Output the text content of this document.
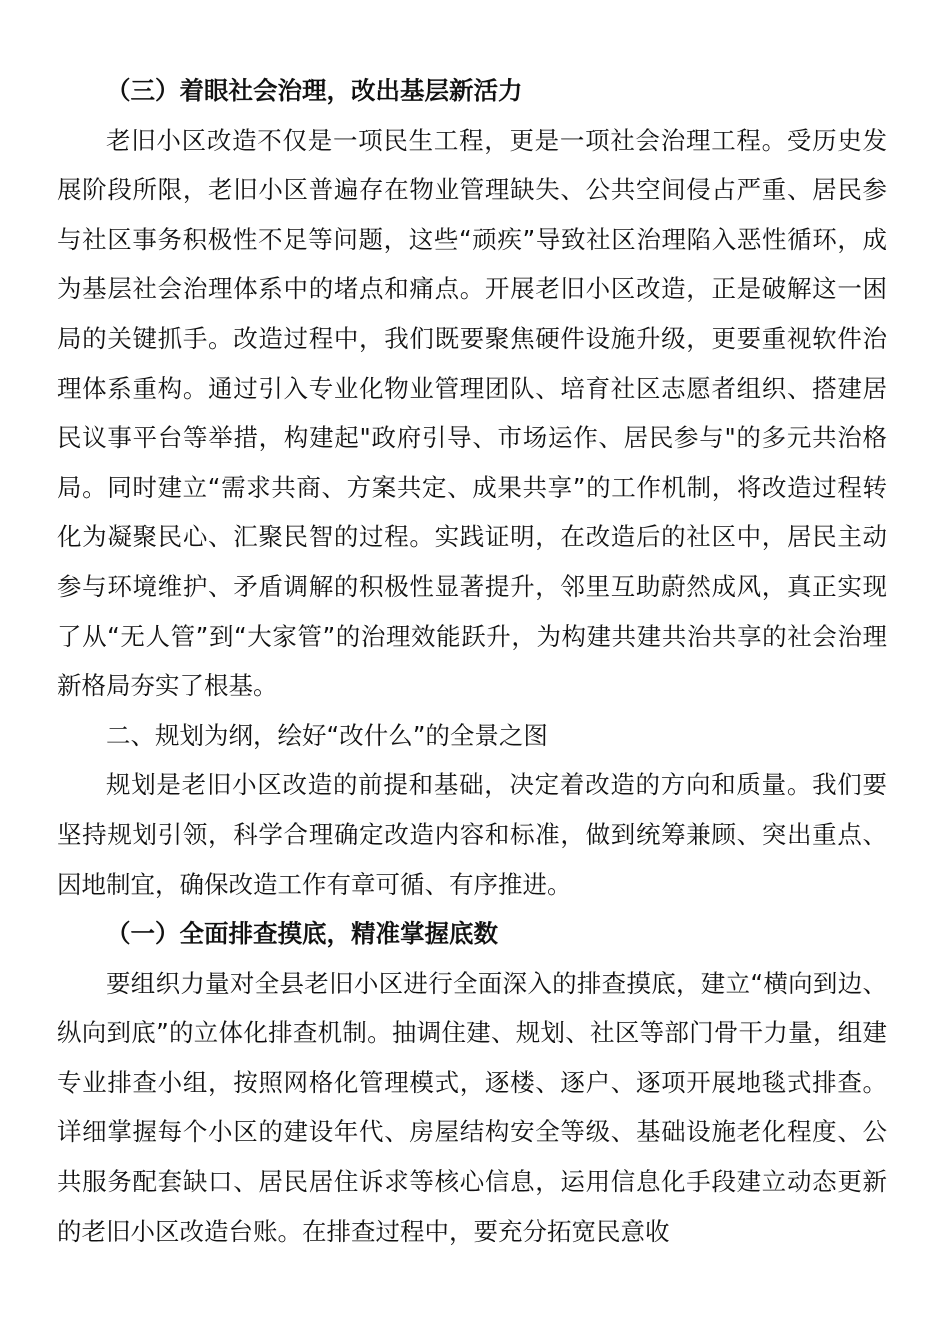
（三）着眼社会治理，改出基层新活力

老旧小区改造不仅是一项民生工程，更是一项社会治理工程。受历史发展阶段所限，老旧小区普遍存在物业管理缺失、公共空间侵占严重、居民参与社区事务积极性不足等问题，这些“顽疾”导致社区治理陷入恶性循环，成为基层社会治理体系中的堵点和痛点。开展老旧小区改造，正是破解这一困局的关键抓手。改造过程中，我们既要聚焦硬件设施升级，更要重视软件治理体系重构。通过引入专业化物业管理团队、培育社区志愿者组织、搭建居民议事平台等举措，构建起"政府引导、市场运作、居民参与"的多元共治格局。同时建立“需求共商、方案共定、成果共享”的工作机制，将改造过程转化为凝聚民心、汇聚民智的过程。实践证明，在改造后的社区中，居民主动参与环境维护、矛盾调解的积极性显著提升，邻里互助蔚然成风，真正实现了从“无人管”到“大家管”的治理效能跃升，为构建共建共治共享的社会治理新格局夯实了根基。

二、规划为纲，绘好“改什么”的全景之图

规划是老旧小区改造的前提和基础，决定着改造的方向和质量。我们要坚持规划引领，科学合理确定改造内容和标准，做到统筹兼顾、突出重点、因地制宜，确保改造工作有章可循、有序推进。

（一）全面排查摸底，精准掌握底数

要组织力量对全县老旧小区进行全面深入的排查摸底，建立“横向到边、纵向到底”的立体化排查机制。抽调住建、规划、社区等部门骨干力量，组建专业排查小组，按照网格化管理模式，逐楼、逐户、逐项开展地毯式排查。详细掌握每个小区的建设年代、房屋结构安全等级、基础设施老化程度、公共服务配套缺口、居民居住诉求等核心信息，运用信息化手段建立动态更新的老旧小区改造台账。在排查过程中，要充分拓宽民意收
